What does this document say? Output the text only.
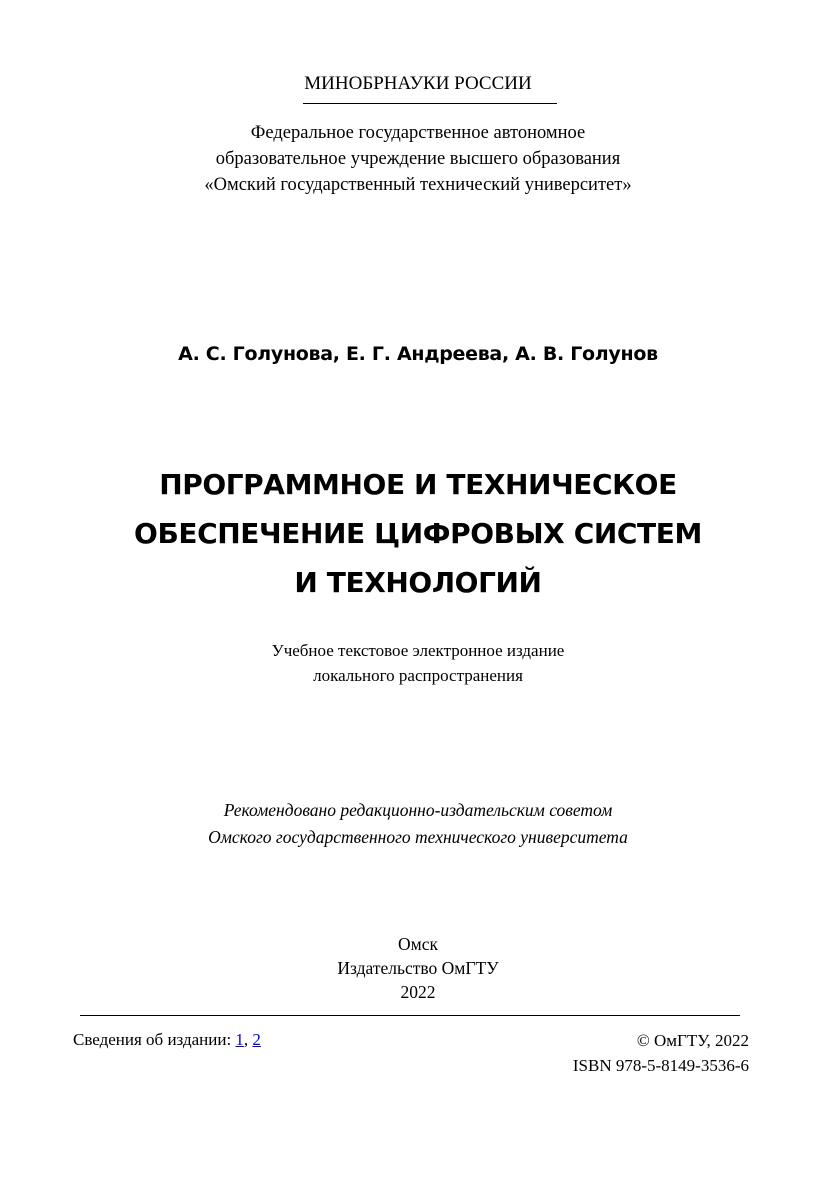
МИНОБРНАУКИ РОССИИ
Федеральное государственное автономное
образовательное учреждение высшего образования
«Омский государственный технический университет»
А. С. Голунова, Е. Г. Андреева, А. В. Голунов
ПРОГРАММНОЕ И ТЕХНИЧЕСКОЕ
ОБЕСПЕЧЕНИЕ ЦИФРОВЫХ СИСТЕМ
И ТЕХНОЛОГИЙ
Учебное текстовое электронное издание
локального распространения
Рекомендовано редакционно-издательским советом
Омского государственного технического университета
Омск
Издательство ОмГТУ
2022
Сведения об издании: 1, 2	© ОмГТУ, 2022
ISBN 978-5-8149-3536-6
